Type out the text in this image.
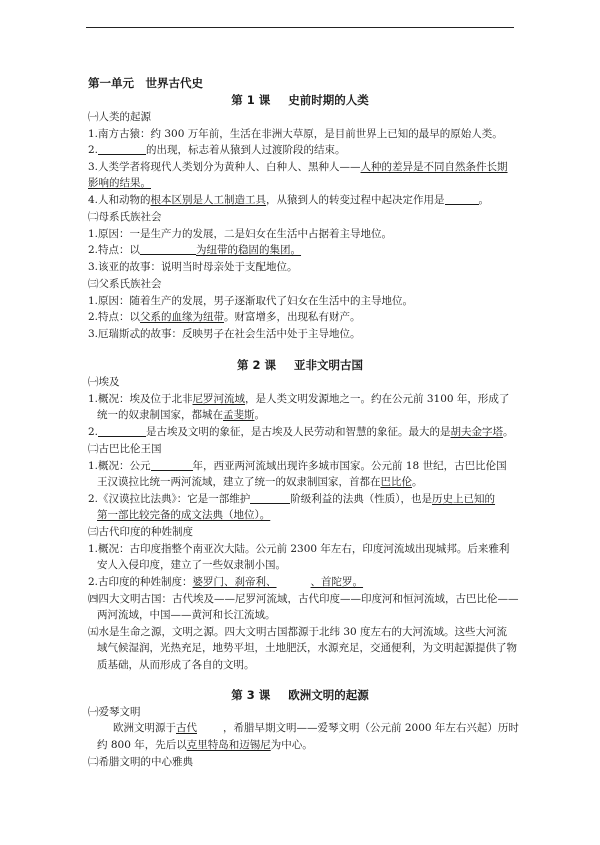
第一单元　世界古代史
第 1 课 史前时期的人类
㈠人类的起源
1.南方古猿：约 300 万年前，生活在非洲大草原，是目前世界上已知的最早的原始人类。
2.	的出现，标志着从猿到人过渡阶段的结束。
3.人类学者将现代人类划分为黄种人、白种人、黑种人——人种的差异是不同自然条件长期
影响的结果。
4.人和动物的根本区别是人工制造工具，从猿到人的转变过程中起决定作用是	。
㈡母系氏族社会
1.原因：一是生产力的发展，二是妇女在生活中占据着主导地位。
2.特点：以	为纽带的稳固的集团。
3.该亚的故事：说明当时母亲处于支配地位。
㈢父系氏族社会
1.原因：随着生产的发展，男子逐渐取代了妇女在生活中的主导地位。
2.特点：以父系的血缘为纽带。财富增多，出现私有财产。
3.厄瑞斯忒的故事：反映男子在社会生活中处于主导地位。
第 2 课 亚非文明古国
㈠埃及
1.概况：埃及位于北非尼罗河流域，是人类文明发源地之一。约在公元前 3100 年，形成了
统一的奴隶制国家，都城在孟斐斯。
2.	是古埃及文明的象征，是古埃及人民劳动和智慧的象征。最大的是胡夫金字塔。
㈡古巴比伦王国
1.概况：公元	年，西亚两河流域出现许多城市国家。公元前 18 世纪，古巴比伦国
王汉谟拉比统一两河流域，建立了统一的奴隶制国家，首都在巴比伦。
2.《汉谟拉比法典》：它是一部维护	阶级利益的法典（性质），也是历史上已知的
第一部比较完备的成文法典（地位）。
㈢古代印度的种姓制度
1.概况：古印度指整个南亚次大陆。公元前 2300 年左右，印度河流域出现城邦。后来雅利
安人入侵印度，建立了一些奴隶制小国。
2.古印度的种姓制度：婆罗门、刹帝利、	、首陀罗。
㈣四大文明古国：古代埃及——尼罗河流域，古代印度——印度河和恒河流域，古巴比伦——
两河流域，中国——黄河和长江流域。
㈤水是生命之源，文明之源。四大文明古国都源于北纬 30 度左右的大河流域。这些大河流
域气候湿润，光热充足，地势平坦，土地肥沃，水源充足，交通便利，为文明起源提供了物
质基础，从而形成了各自的文明。
第 3 课 欧洲文明的起源
㈠爱琴文明
欧洲文明源于古代 ，希腊早期文明——爱琴文明（公元前 2000 年左右兴起）历时
约 800 年，先后以克里特岛和迈锡尼为中心。
㈡希腊文明的中心雅典
